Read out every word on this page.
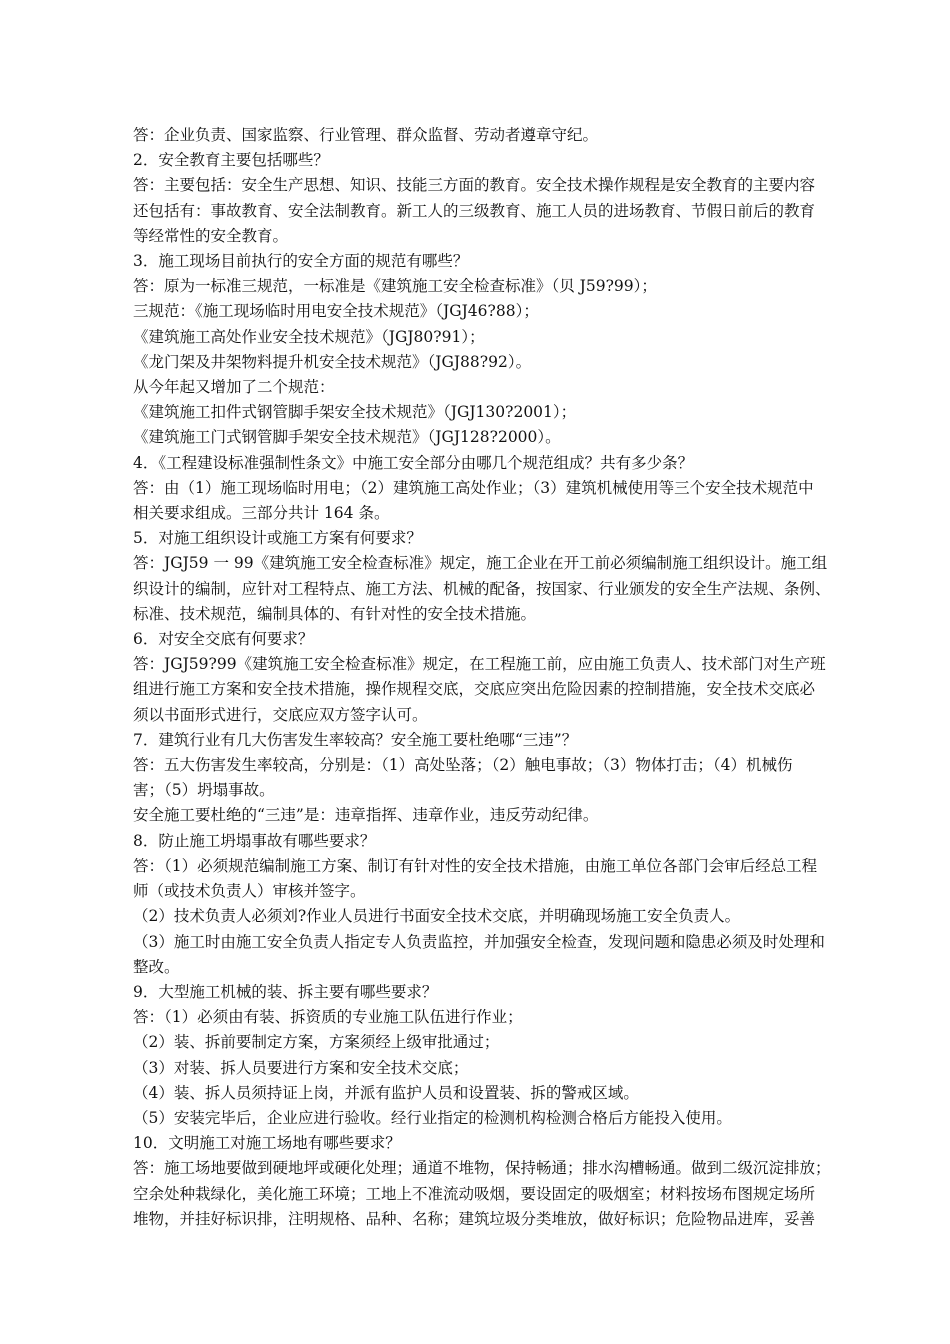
答：企业负责、国家监察、行业管理、群众监督、劳动者遵章守纪。
2．安全教育主要包括哪些？
答：主要包括：安全生产思想、知识、技能三方面的教育。安全技术操作规程是安全教育的主要内容
还包括有：事故教育、安全法制教育。新工人的三级教育、施工人员的进场教育、节假日前后的教育
等经常性的安全教育。
3．施工现场目前执行的安全方面的规范有哪些？
答：原为一标准三规范，一标准是《建筑施工安全检查标准》（贝 J59?99）；
三规范：《施工现场临时用电安全技术规范》（JGJ46?88）；
《建筑施工高处作业安全技术规范》（JGJ80?91）；
《龙门架及井架物料提升机安全技术规范》（JGJ88?92）。
从今年起又增加了二个规范：
《建筑施工扣件式钢管脚手架安全技术规范》（JGJ130?2001）；
《建筑施工门式钢管脚手架安全技术规范》（JGJ128?2000）。
4．《工程建设标准强制性条文》中施工安全部分由哪几个规范组成？共有多少条？
答：由（1）施工现场临时用电；（2）建筑施工高处作业；（3）建筑机械使用等三个安全技术规范中
相关要求组成。三部分共计 164 条。
5．对施工组织设计或施工方案有何要求？
答：JGJ59 一 99《建筑施工安全检查标准》规定，施工企业在开工前必须编制施工组织设计。施工组
织设计的编制，应针对工程特点、施工方法、机械的配备，按国家、行业颁发的安全生产法规、条例、
标准、技术规范，编制具体的、有针对性的安全技术措施。
6．对安全交底有何要求？
答：JGJ59?99《建筑施工安全检查标准》规定，在工程施工前，应由施工负责人、技术部门对生产班
组进行施工方案和安全技术措施，操作规程交底，交底应突出危险因素的控制措施，安全技术交底必
须以书面形式进行，交底应双方签字认可。
7．建筑行业有几大伤害发生率较高？安全施工要杜绝哪“三违”？
答：五大伤害发生率较高，分别是：（1）高处坠落；（2）触电事故；（3）物体打击；（4）机械伤
害；（5）坍塌事故。
安全施工要杜绝的“三违”是：违章指挥、违章作业，违反劳动纪律。
8．防止施工坍塌事故有哪些要求？
答：（1）必须规范编制施工方案、制订有针对性的安全技术措施，由施工单位各部门会审后经总工程
师（或技术负责人）审核并签字。
（2）技术负责人必须刘?作业人员进行书面安全技术交底，并明确现场施工安全负责人。
（3）施工时由施工安全负责人指定专人负责监控，并加强安全检查，发现问题和隐患必须及时处理和
整改。
9．大型施工机械的装、拆主要有哪些要求？
答：（1）必须由有装、拆资质的专业施工队伍进行作业；
（2）装、拆前要制定方案，方案须经上级审批通过；
（3）对装、拆人员要进行方案和安全技术交底；
（4）装、拆人员须持证上岗，并派有监护人员和设置装、拆的警戒区域。
（5）安装完毕后，企业应进行验收。经行业指定的检测机构检测合格后方能投入使用。
10．文明施工对施工场地有哪些要求？
答：施工场地要做到硬地坪或硬化处理；通道不堆物，保持畅通；排水沟槽畅通。做到二级沉淀排放；
空余处种栽绿化，美化施工环境；工地上不准流动吸烟，要设固定的吸烟室；材料按场布图规定场所
堆物，并挂好标识排，注明规格、品种、名称；建筑垃圾分类堆放，做好标识；危险物品进库，妥善
